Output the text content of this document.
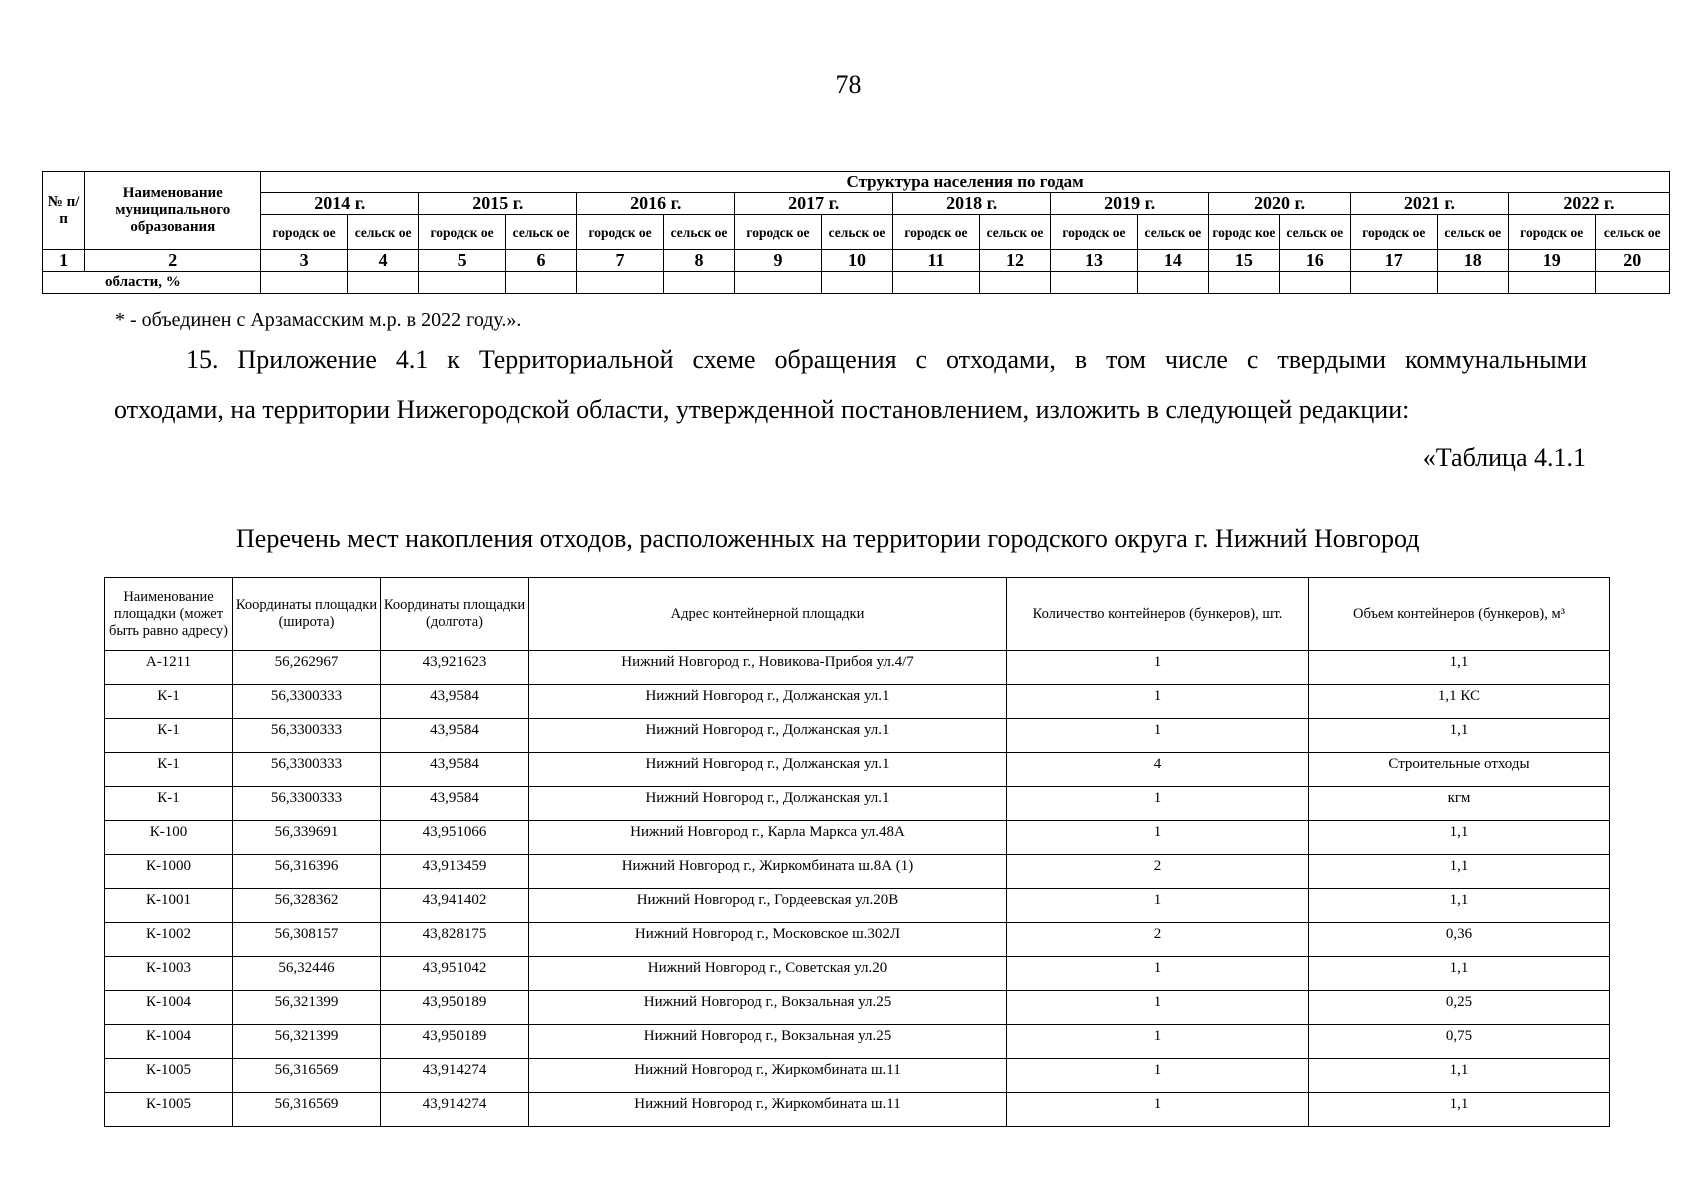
78
№ п/ п	Наименование муниципального образования	Структура населения по годам																	
		2014 г.		2015 г.		2016 г.		2017 г.		2018 г.		2019 г.		2020 г.		2021 г.		2022 г.	
		городск ое	сельск ое	городск ое	сельск ое	городск ое	сельск ое	городск ое	сельск ое	городск ое	сельск ое	городск ое	сельск ое	городс кое	сельск ое	городск ое	сельск ое	городск ое	сельск ое
1	2	3	4	5	6	7	8	9	10	11	12	13	14	15	16	17	18	19	20
области, %																			
* - объединен с Арзамасским м.р. в 2022 году.».
15. Приложение 4.1 к Территориальной схеме обращения с отходами, в том числе с твердыми коммунальными
отходами, на территории Нижегородской области, утвержденной постановлением, изложить в следующей редакции:
«Таблица 4.1.1
Перечень мест накопления отходов, расположенных на территории городского округа г. Нижний Новгород
Наименование площадки (может быть равно адресу)	Координаты площадки (широта)	Координаты площадки (долгота)	Адрес контейнерной площадки	Количество контейнеров (бункеров), шт.	Объем контейнеров (бункеров), м³
А-1211	56,262967	43,921623	Нижний Новгород г., Новикова-Прибоя ул.4/7	1	1,1
К-1	56,3300333	43,9584	Нижний Новгород г., Должанская ул.1	1	1,1 КС
К-1	56,3300333	43,9584	Нижний Новгород г., Должанская ул.1	1	1,1
К-1	56,3300333	43,9584	Нижний Новгород г., Должанская ул.1	4	Строительные отходы
К-1	56,3300333	43,9584	Нижний Новгород г., Должанская ул.1	1	кгм
К-100	56,339691	43,951066	Нижний Новгород г., Карла Маркса ул.48А	1	1,1
К-1000	56,316396	43,913459	Нижний Новгород г., Жиркомбината ш.8А (1)	2	1,1
К-1001	56,328362	43,941402	Нижний Новгород г., Гордеевская ул.20В	1	1,1
К-1002	56,308157	43,828175	Нижний Новгород г., Московское ш.302Л	2	0,36
К-1003	56,32446	43,951042	Нижний Новгород г., Советская ул.20	1	1,1
К-1004	56,321399	43,950189	Нижний Новгород г., Вокзальная ул.25	1	0,25
К-1004	56,321399	43,950189	Нижний Новгород г., Вокзальная ул.25	1	0,75
К-1005	56,316569	43,914274	Нижний Новгород г., Жиркомбината ш.11	1	1,1
К-1005	56,316569	43,914274	Нижний Новгород г., Жиркомбината ш.11	1	1,1
